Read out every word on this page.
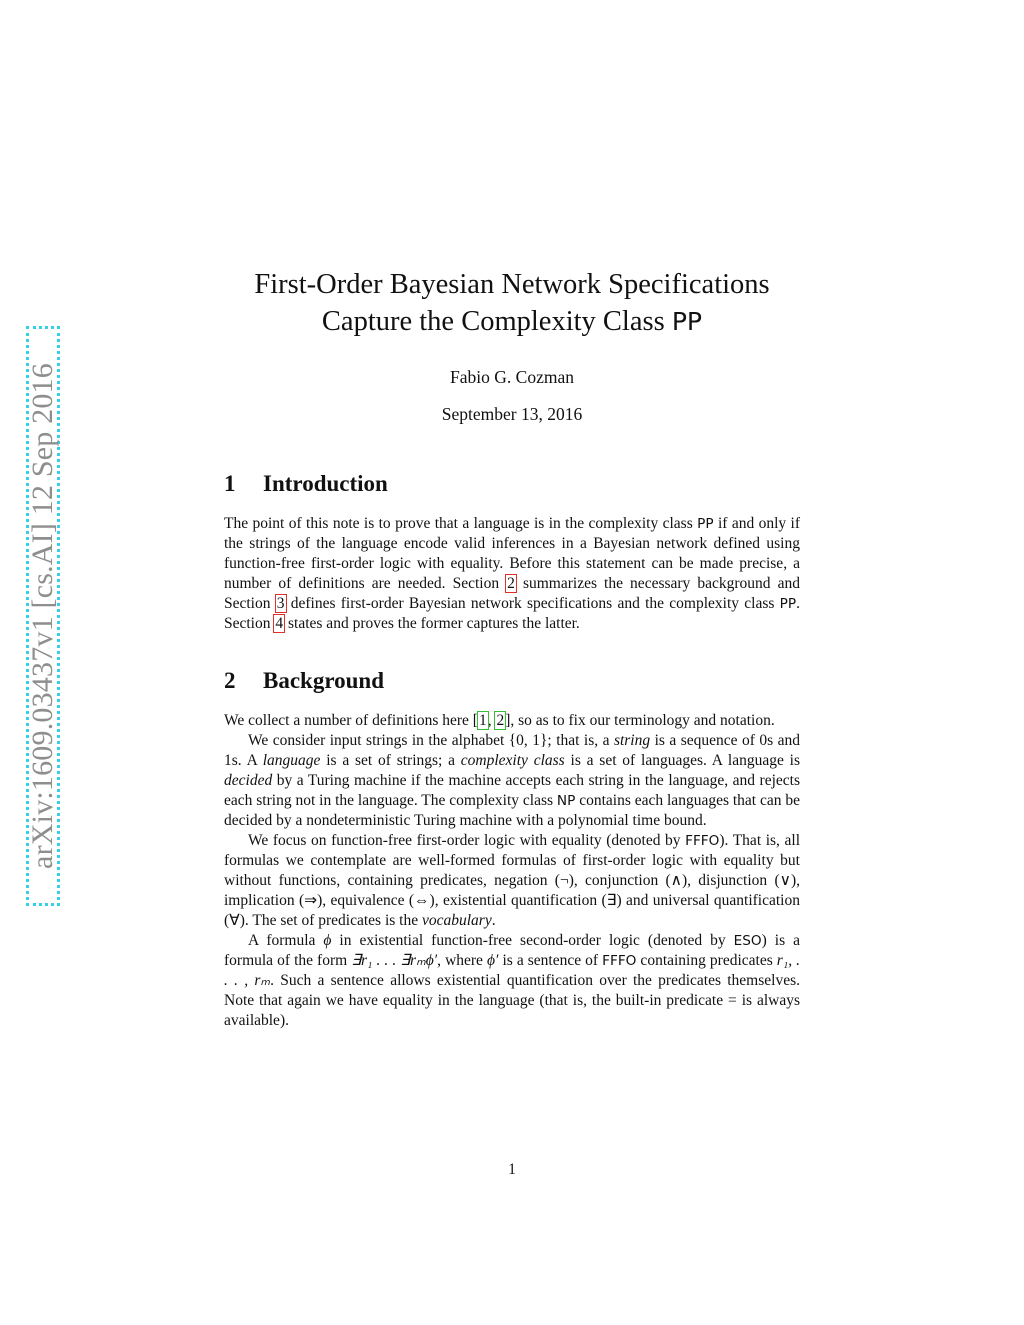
arXiv:1609.03437v1 [cs.AI] 12 Sep 2016
First-Order Bayesian Network Specifications
Capture the Complexity Class PP
Fabio G. Cozman
September 13, 2016
1 Introduction

The point of this note is to prove that a language is in the complexity class PP if and only if the strings of the language encode valid inferences in a Bayesian network defined using function-free first-order logic with equality. Before this statement can be made precise, a number of definitions are needed. Section 2 summarizes the necessary background and Section 3 defines first-order Bayesian network specifications and the complexity class PP. Section 4 states and proves the former captures the latter.

2 Background

We collect a number of definitions here [1, 2], so as to fix our terminology and notation.

We consider input strings in the alphabet {0, 1}; that is, a string is a sequence of 0s and 1s. A language is a set of strings; a complexity class is a set of languages. A language is decided by a Turing machine if the machine accepts each string in the language, and rejects each string not in the language. The complexity class NP contains each languages that can be decided by a nondeterministic Turing machine with a polynomial time bound.

We focus on function-free first-order logic with equality (denoted by FFFO). That is, all formulas we contemplate are well-formed formulas of first-order logic with equality but without functions, containing predicates, negation (¬), conjunction (∧), disjunction (∨), implication (⇒), equivalence (⇔), existential quantification (∃) and universal quantification (∀). The set of predicates is the vocabulary.

A formula ϕ in existential function-free second-order logic (denoted by ESO) is a formula of the form ∃r₁ . . . ∃rₘϕ′, where ϕ′ is a sentence of FFFO containing predicates r₁, . . . , rₘ. Such a sentence allows existential quantification over the predicates themselves. Note that again we have equality in the language (that is, the built-in predicate = is always available).

1
